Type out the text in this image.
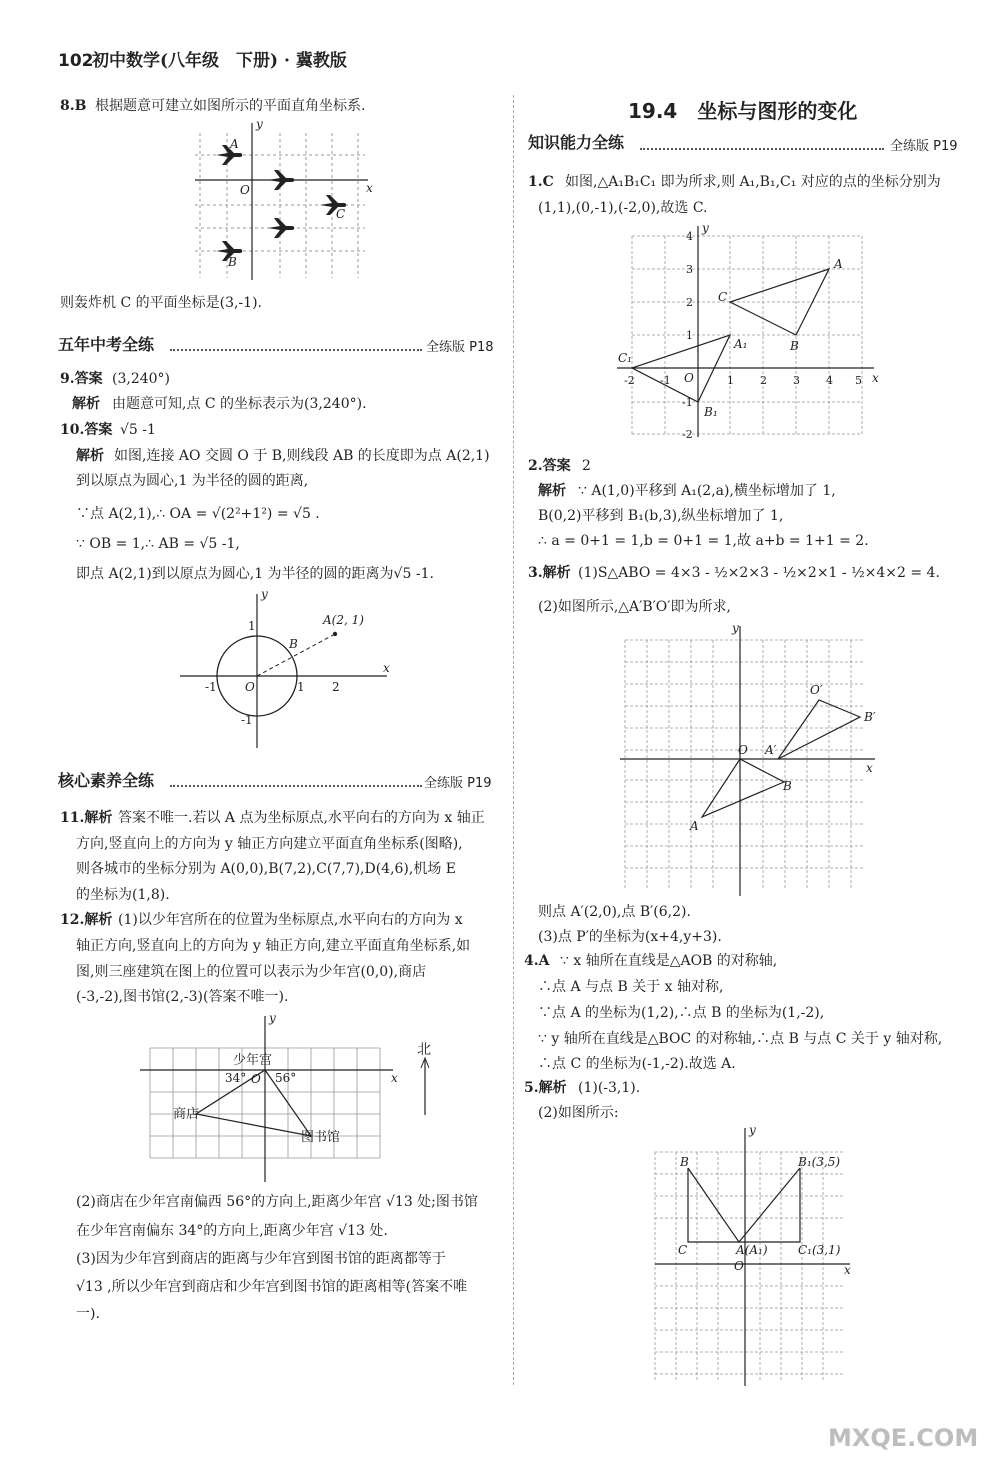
102
初中数学(八年级　下册) · 冀教版
8.B 根据题意可建立如图所示的平面直角坐标系.
y
x
O
A
B
C
则轰炸机 C 的平面坐标是(3,-1).
五年中考全练	全练版 P18
9.答案 (3,240°)
解析 由题意可知,点 C 的坐标表示为(3,240°).
10.答案 √5 -1
解析 如图,连接 AO 交圆 O 于 B,则线段 AB 的长度即为点 A(2,1)
到以原点为圆心,1 为半径的圆的距离,
∵点 A(2,1),∴ OA = √(2²+1²) = √5 .
∵ OB = 1,∴ AB = √5 -1,
即点 A(2,1)到以原点为圆心,1 为半径的圆的距离为√5 -1.
y
x
1
-1
-1 O	1 2
A(2, 1)
B
核心素养全练	全练版 P19
11.解析 答案不唯一.若以 A 点为坐标原点,水平向右的方向为 x 轴正
方向,竖直向上的方向为 y 轴正方向建立平面直角坐标系(图略),
则各城市的坐标分别为 A(0,0),B(7,2),C(7,7),D(4,6),机场 E
的坐标为(1,8).
12.解析 (1)以少年宫所在的位置为坐标原点,水平向右的方向为 x
轴正方向,竖直向上的方向为 y 轴正方向,建立平面直角坐标系,如
图,则三座建筑在图上的位置可以表示为少年宫(0,0),商店
(-3,-2),图书馆(2,-3)(答案不唯一).
y
x
少年宫
O
34° 56°
商店
图书馆
北
(2)商店在少年宫南偏西 56°的方向上,距离少年宫 √13 处;图书馆
在少年宫南偏东 34°的方向上,距离少年宫 √13 处.
(3)因为少年宫到商店的距离与少年宫到图书馆的距离都等于
√13 ,所以少年宫到商店和少年宫到图书馆的距离相等(答案不唯
一).
19.4　坐标与图形的变化
知识能力全练	全练版 P19
1.C 如图,△A₁B₁C₁ 即为所求,则 A₁,B₁,C₁ 对应的点的坐标分别为
(1,1),(0,-1),(-2,0),故选 C.
y
x
O
A
B
C
A₁
B₁
C₁
-2 -1	1 2 3 4 5
4
3
2
1
-1
-2
2.答案 2
解析 ∵ A(1,0)平移到 A₁(2,a),横坐标增加了 1,
B(0,2)平移到 B₁(b,3),纵坐标增加了 1,
∴ a = 0+1 = 1,b = 0+1 = 1,故 a+b = 1+1 = 2.
3.解析 (1)S△ABO = 4×3 - ½×2×3 - ½×2×1 - ½×4×2 = 4.
(2)如图所示,△A′B′O′即为所求,
y
x
O
A
B
A′
B′
O′
则点 A′(2,0),点 B′(6,2).
(3)点 P′的坐标为(x+4,y+3).
4.A ∵ x 轴所在直线是△AOB 的对称轴,
∴点 A 与点 B 关于 x 轴对称,
∵点 A 的坐标为(1,2),∴点 B 的坐标为(1,-2),
∵ y 轴所在直线是△BOC 的对称轴,∴点 B 与点 C 关于 y 轴对称,
∴点 C 的坐标为(-1,-2).故选 A.
5.解析 (1)(-3,1).
(2)如图所示:
y
x
O
B	B₁(3,5)
C	A(A₁)	C₁(3,1)
MXQE.COM
